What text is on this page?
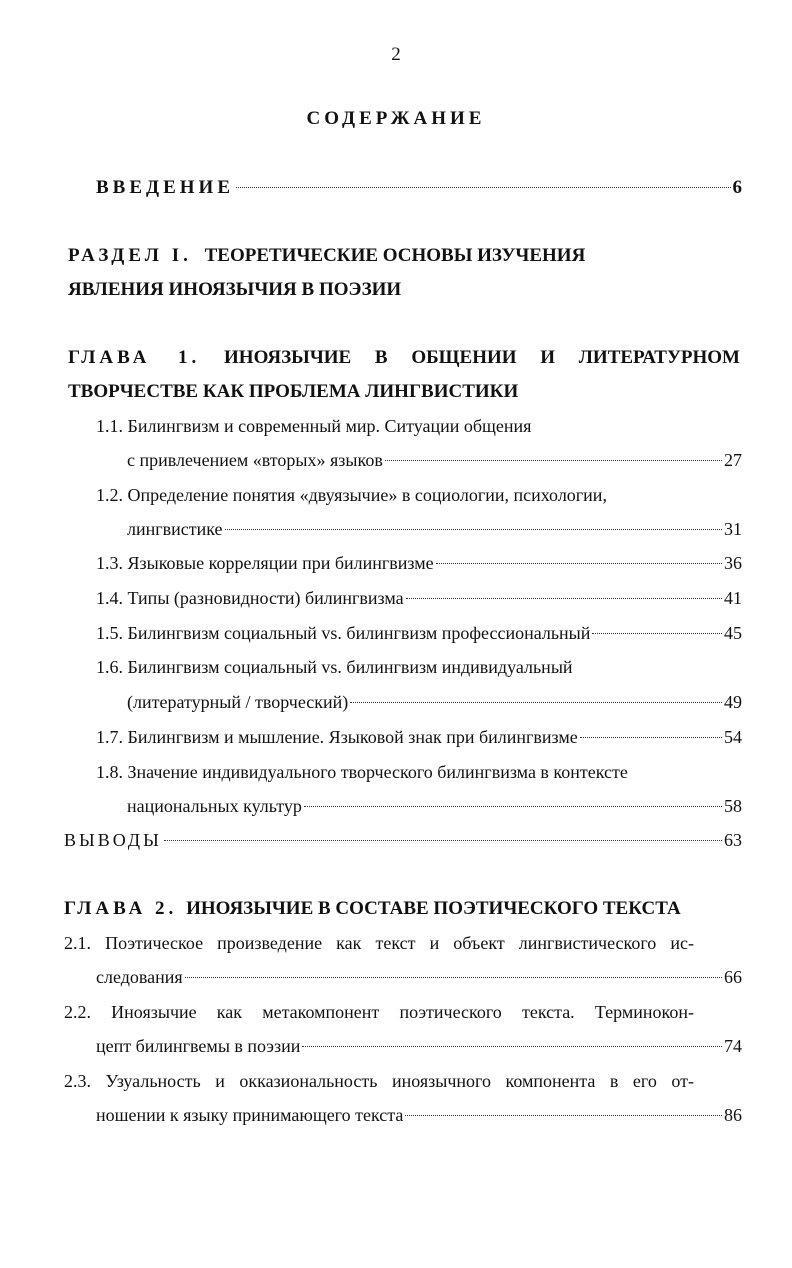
2
СОДЕРЖАНИЕ
ВВЕДЕНИЕ	6
РАЗДЕЛ I. ТЕОРЕТИЧЕСКИЕ ОСНОВЫ ИЗУЧЕНИЯ
ЯВЛЕНИЯ ИНОЯЗЫЧИЯ В ПОЭЗИИ
ГЛАВА 1. ИНОЯЗЫЧИЕ В ОБЩЕНИИ И ЛИТЕРАТУРНОМ
ТВОРЧЕСТВЕ КАК ПРОБЛЕМА ЛИНГВИСТИКИ
1.1. Билингвизм и современный мир. Ситуации общения
с привлечением «вторых» языков	27
1.2. Определение понятия «двуязычие» в социологии, психологии,
лингвистике	31
1.3. Языковые корреляции при билингвизме	36
1.4. Типы (разновидности) билингвизма	41
1.5. Билингвизм социальный vs. билингвизм профессиональный	45
1.6. Билингвизм социальный vs. билингвизм индивидуальный
(литературный / творческий)	49
1.7. Билингвизм и мышление. Языковой знак при билингвизме	54
1.8. Значение индивидуального творческого билингвизма в контексте
национальных культур	58
ВЫВОДЫ	63
ГЛАВА 2. ИНОЯЗЫЧИЕ В СОСТАВЕ ПОЭТИЧЕСКОГО ТЕКСТА
2.1. Поэтическое произведение как текст и объект лингвистического ис-
следования	66
2.2. Иноязычие как метакомпонент поэтического текста. Терминокон-
цепт билингвемы в поэзии	74
2.3. Узуальность и окказиональность иноязычного компонента в его от-
ношении к языку принимающего текста	86
